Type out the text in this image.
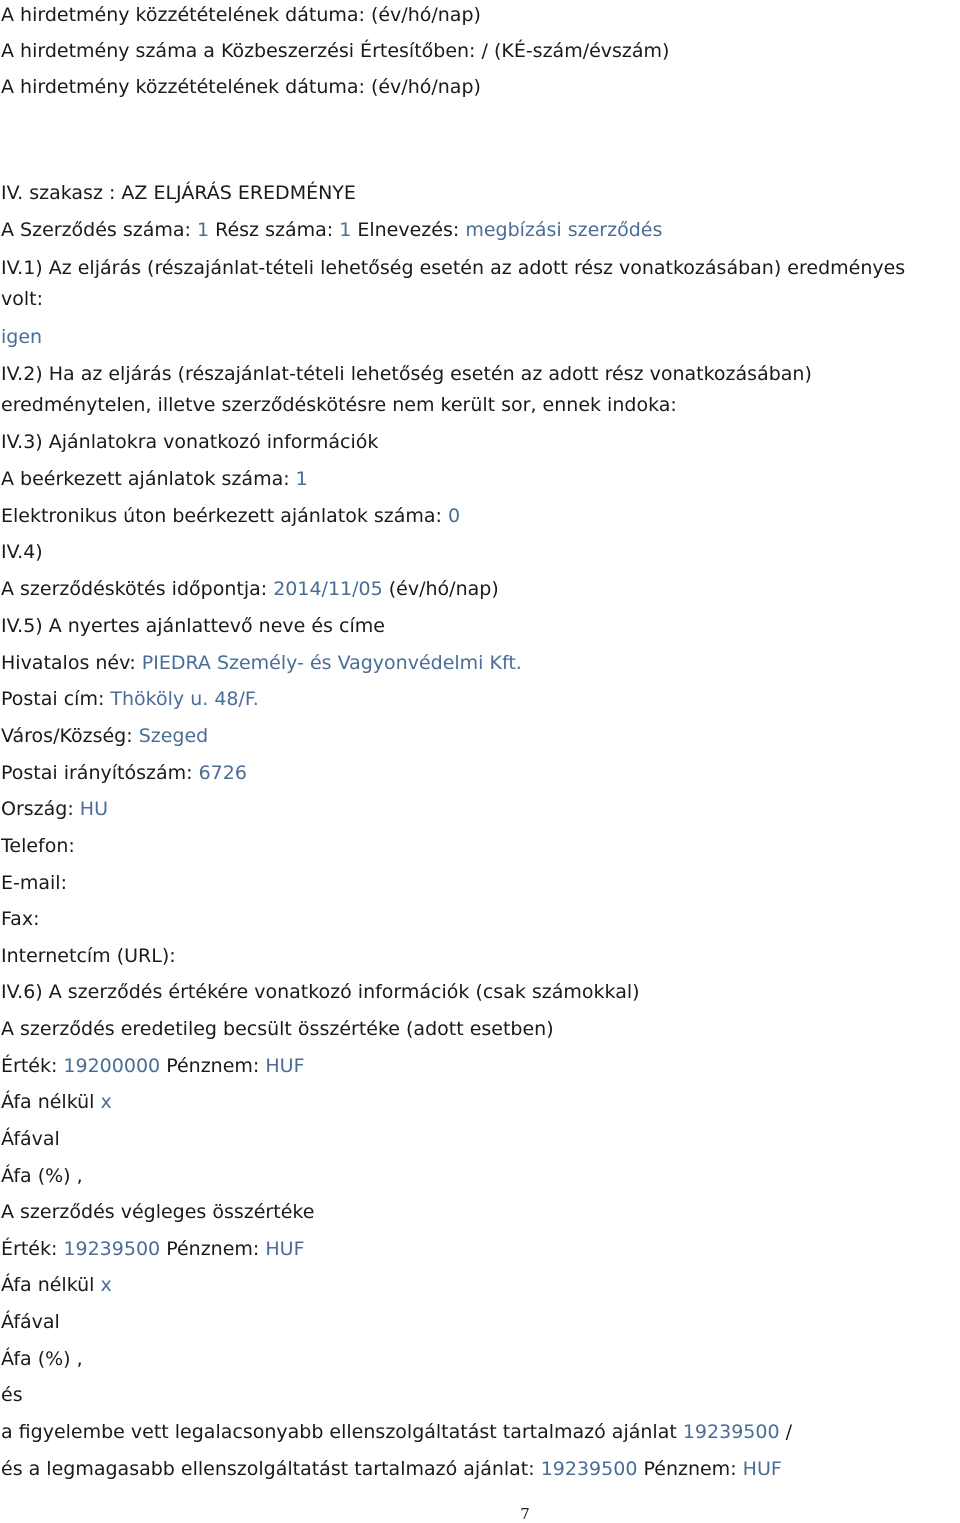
A hirdetmény közzétételének dátuma: (év/hó/nap)
A hirdetmény száma a Közbeszerzési Értesítőben: / (KÉ-szám/évszám)
A hirdetmény közzétételének dátuma: (év/hó/nap)
IV. szakasz : AZ ELJÁRÁS EREDMÉNYE
A Szerződés száma: 1 Rész száma: 1 Elnevezés: megbízási szerződés
IV.1) Az eljárás (részajánlat-tételi lehetőség esetén az adott rész vonatkozásában) eredményes
volt:
igen
IV.2) Ha az eljárás (részajánlat-tételi lehetőség esetén az adott rész vonatkozásában)
eredménytelen, illetve szerződéskötésre nem került sor, ennek indoka:
IV.3) Ajánlatokra vonatkozó információk
A beérkezett ajánlatok száma: 1
Elektronikus úton beérkezett ajánlatok száma: 0
IV.4)
A szerződéskötés időpontja: 2014/11/05 (év/hó/nap)
IV.5) A nyertes ajánlattevő neve és címe
Hivatalos név: PIEDRA Személy- és Vagyonvédelmi Kft.
Postai cím: Thököly u. 48/F.
Város/Község: Szeged
Postai irányítószám: 6726
Ország: HU
Telefon:
E-mail:
Fax:
Internetcím (URL):
IV.6) A szerződés értékére vonatkozó információk (csak számokkal)
A szerződés eredetileg becsült összértéke (adott esetben)
Érték: 19200000 Pénznem: HUF
Áfa nélkül x
Áfával
Áfa (%) ,
A szerződés végleges összértéke
Érték: 19239500 Pénznem: HUF
Áfa nélkül x
Áfával
Áfa (%) ,
és
a figyelembe vett legalacsonyabb ellenszolgáltatást tartalmazó ajánlat 19239500 /
és a legmagasabb ellenszolgáltatást tartalmazó ajánlat: 19239500 Pénznem: HUF
7
